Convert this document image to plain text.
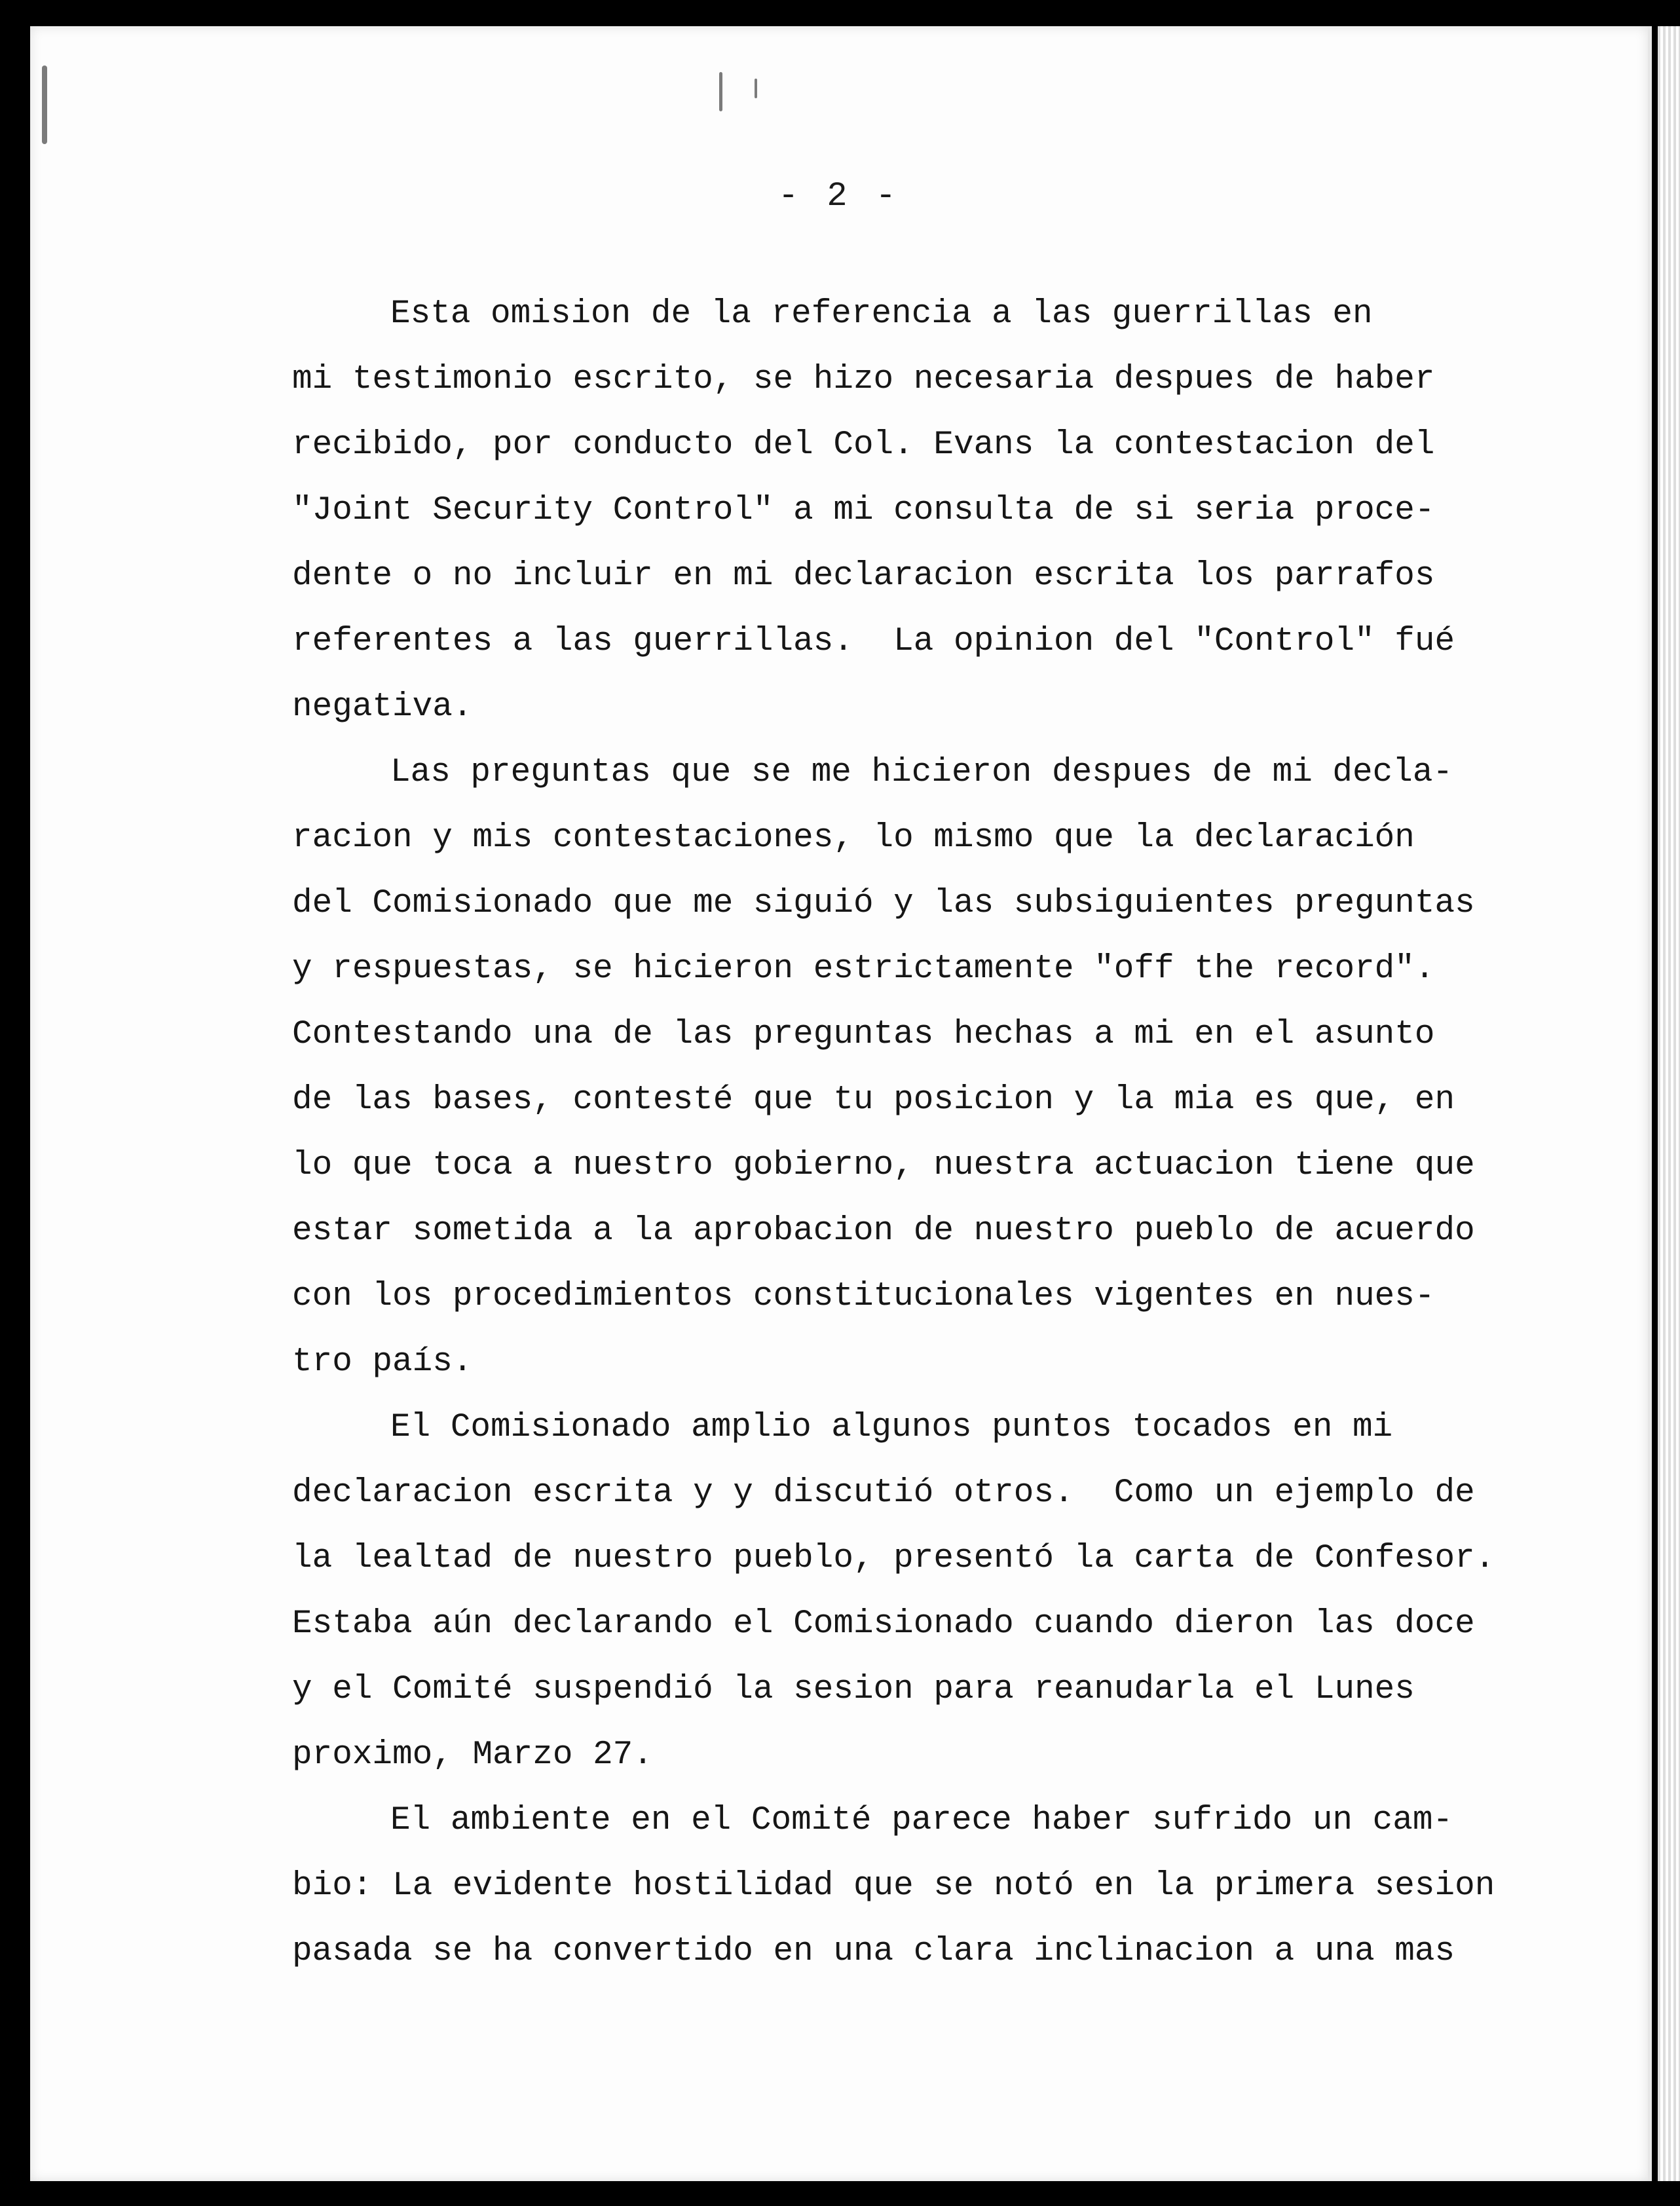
- 2 -
Esta omision de la referencia a las guerrillas en
mi testimonio escrito, se hizo necesaria despues de haber
recibido, por conducto del Col. Evans la contestacion del
"Joint Security Control" a mi consulta de si seria proce-
dente o no incluir en mi declaracion escrita los parrafos
referentes a las guerrillas.  La opinion del "Control" fué
negativa.
Las preguntas que se me hicieron despues de mi decla-
racion y mis contestaciones, lo mismo que la declaración
del Comisionado que me siguió y las subsiguientes preguntas
y respuestas, se hicieron estrictamente "off the record".
Contestando una de las preguntas hechas a mi en el asunto
de las bases, contesté que tu posicion y la mia es que, en
lo que toca a nuestro gobierno, nuestra actuacion tiene que
estar sometida a la aprobacion de nuestro pueblo de acuerdo
con los procedimientos constitucionales vigentes en nues-
tro país.
El Comisionado amplio algunos puntos tocados en mi
declaracion escrita y y discutió otros.  Como un ejemplo de
la lealtad de nuestro pueblo, presentó la carta de Confesor.
Estaba aún declarando el Comisionado cuando dieron las doce
y el Comité suspendió la sesion para reanudarla el Lunes
proximo, Marzo 27.
El ambiente en el Comité parece haber sufrido un cam-
bio: La evidente hostilidad que se notó en la primera sesion
pasada se ha convertido en una clara inclinacion a una mas
